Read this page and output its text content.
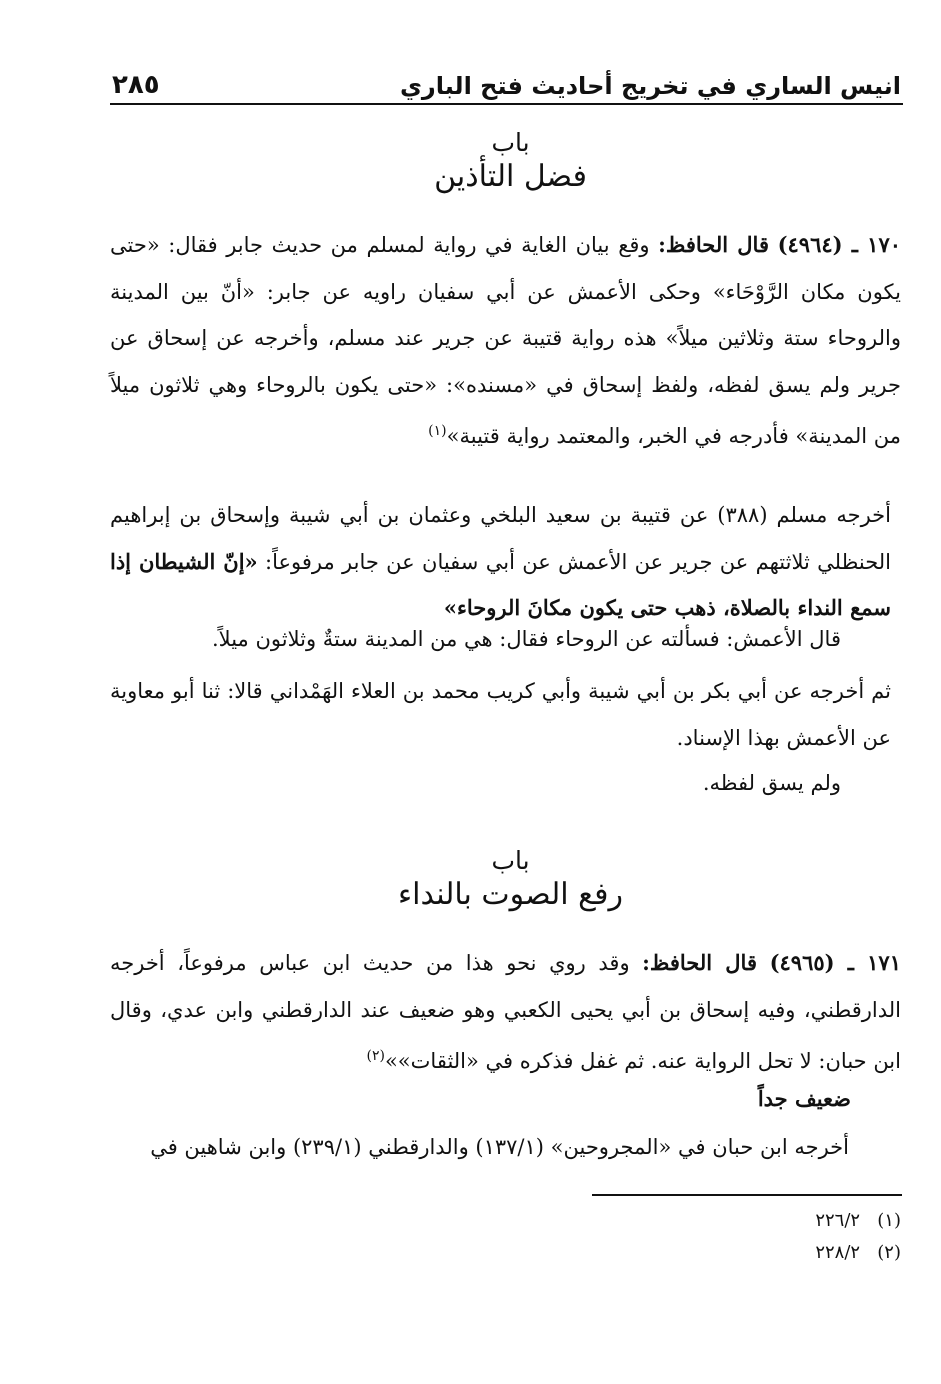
انيس الساري في تخريج أحاديث فتح الباري
٢٨٥
باب
فضل التأذين
١٧٠ ـ (٤٩٦٤) قال الحافظ: وقع بيان الغاية في رواية لمسلم من حديث جابر فقال: «حتى يكون مكان الرَّوْحَاء» وحكى الأعمش عن أبي سفيان راويه عن جابر: «أنّ بين المدينة والروحاء ستة وثلاثين ميلاً» هذه رواية قتيبة عن جرير عند مسلم، وأخرجه عن إسحاق عن جرير ولم يسق لفظه، ولفظ إسحاق في «مسنده»: «حتى يكون بالروحاء وهي ثلاثون ميلاً من المدينة» فأدرجه في الخبر، والمعتمد رواية قتيبة»$^{(١)}$
أخرجه مسلم (٣٨٨) عن قتيبة بن سعيد البلخي وعثمان بن أبي شيبة وإسحاق بن إبراهيم الحنظلي ثلاثتهم عن جرير عن الأعمش عن أبي سفيان عن جابر مرفوعاً: «إنّ الشيطان إذا سمع النداء بالصلاة، ذهب حتى يكون مكانَ الروحاء»
قال الأعمش: فسألته عن الروحاء فقال: هي من المدينة ستةٌ وثلاثون ميلاً.
ثم أخرجه عن أبي بكر بن أبي شيبة وأبي كريب محمد بن العلاء الهَمْداني قالا: ثنا أبو معاوية عن الأعمش بهذا الإسناد.
ولم يسق لفظه.
باب
رفع الصوت بالنداء
١٧١ ـ (٤٩٦٥) قال الحافظ: وقد روي نحو هذا من حديث ابن عباس مرفوعاً، أخرجه الدارقطني، وفيه إسحاق بن أبي يحيى الكعبي وهو ضعيف عند الدارقطني وابن عدي، وقال ابن حبان: لا تحل الرواية عنه. ثم غفل فذكره في «الثقات»»$^{(٢)}$
ضعيف جداً
أخرجه ابن حبان في «المجروحين» (١٣٧/١) والدارقطني (٢٣٩/١) وابن شاهين في
(١)   ٢٢٦/٢
(٢)   ٢٢٨/٢
